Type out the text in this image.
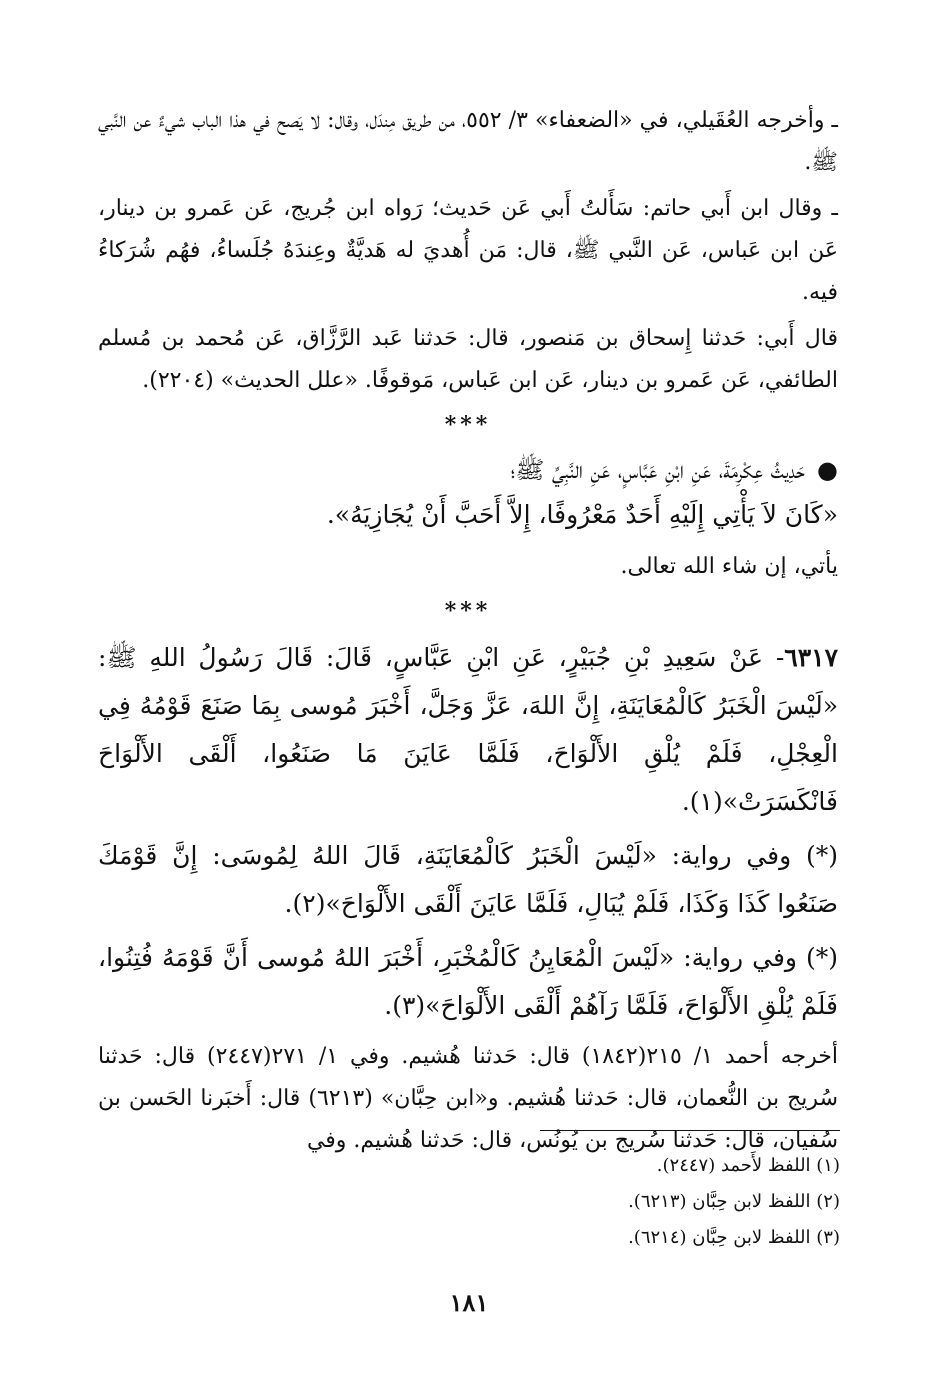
ـ وأخرجه العُقَيلي، في «الضعفاء» ٣/ ٥٥٢، من طريق مِندَل، وقال: لا يَصح في هذا الباب شيءٌ عن النَّبي ﷺ.

ـ وقال ابن أَبي حاتم: سَأَلتُ أَبي عَن حَديث؛ رَواه ابن جُريج، عَن عَمرو بن دينار، عَن ابن عَباس، عَن النَّبي ﷺ، قال: مَن أُهديَ له هَديَّةٌ وعِندَهُ جُلَساءُ، فهُم شُرَكاءُ فيه.

قال أَبي: حَدثنا إِسحاق بن مَنصور، قال: حَدثنا عَبد الرَّزَّاق، عَن مُحمد بن مُسلم الطائفي، عَن عَمرو بن دينار، عَن ابن عَباس، مَوقوفًا. «علل الحديث» (٢٢٠٤).

***

●حَدِيثُ عِكْرِمَةَ، عَنِ ابْنِ عَبَّاسٍ، عَنِ النَّبِيِّ ﷺ؛

«كَانَ لاَ يَأْتِي إِلَيْهِ أَحَدٌ مَعْرُوفًا، إِلاَّ أَحَبَّ أَنْ يُجَازِيَهُ».

يأتي، إن شاء الله تعالى.

***

٦٣١٧- عَنْ سَعِيدِ بْنِ جُبَيْرٍ، عَنِ ابْنِ عَبَّاسٍ، قَالَ: قَالَ رَسُولُ اللهِ ﷺ: «لَيْسَ الْخَبَرُ كَالْمُعَايَنَةِ، إِنَّ اللهَ، عَزَّ وَجَلَّ، أَخْبَرَ مُوسى بِمَا صَنَعَ قَوْمُهُ فِي الْعِجْلِ، فَلَمْ يُلْقِ الأَلْوَاحَ، فَلَمَّا عَايَنَ مَا صَنَعُوا، أَلْقَى الأَلْوَاحَ فَانْكَسَرَتْ»(١).

(*) وفي رواية: «لَيْسَ الْخَبَرُ كَالْمُعَايَنَةِ، قَالَ اللهُ لِمُوسَى: إِنَّ قَوْمَكَ صَنَعُوا كَذَا وَكَذَا، فَلَمْ يُبَالِ، فَلَمَّا عَايَنَ أَلْقَى الأَلْوَاحَ»(٢).

(*) وفي رواية: «لَيْسَ الْمُعَايِنُ كَالْمُخْبَرِ، أَخْبَرَ اللهُ مُوسى أَنَّ قَوْمَهُ فُتِنُوا، فَلَمْ يُلْقِ الأَلْوَاحَ، فَلَمَّا رَآهُمْ أَلْقَى الأَلْوَاحَ»(٣).

أخرجه أحمد ١/ ٢١٥(١٨٤٢) قال: حَدثنا هُشيم. وفي ١/ ٢٧١(٢٤٤٧) قال: حَدثنا سُريج بن النُّعمان، قال: حَدثنا هُشيم. و«ابن حِبَّان» (٦٢١٣) قال: أَخبَرنا الحَسن بن سُفيان، قال: حَدثنا سُريج بن يُونُس، قال: حَدثنا هُشيم. وفي

(١) اللفظ لأَحمد (٢٤٤٧).

(٢) اللفظ لابن حِبَّان (٦٢١٣).

(٣) اللفظ لابن حِبَّان (٦٢١٤).

١٨١
